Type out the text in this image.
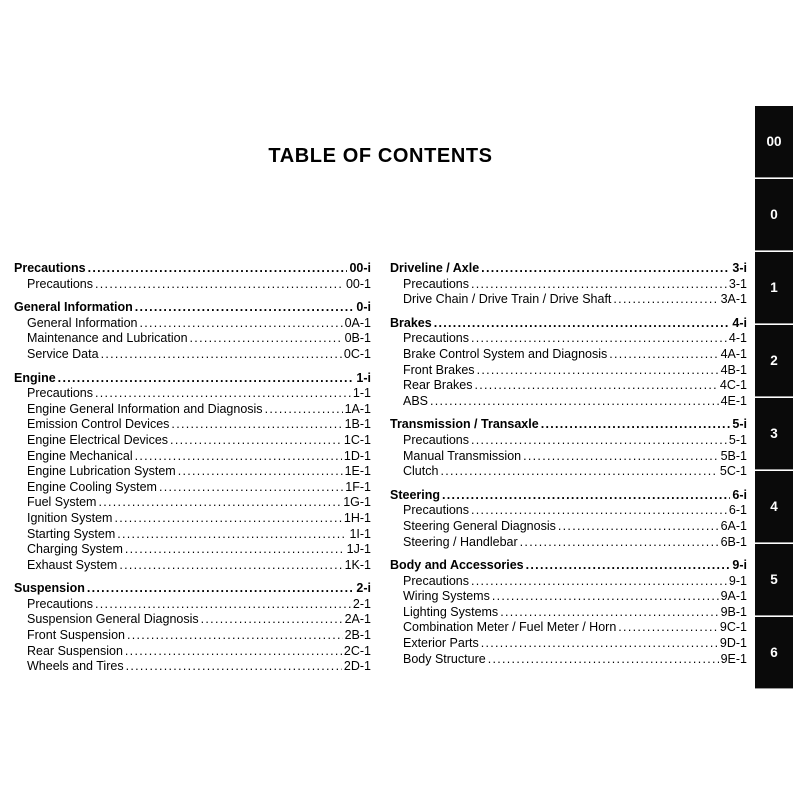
TABLE OF CONTENTS
Precautions .....	00-i
Precautions .....	00-1
General Information .....	0-i
General Information .....	0A-1
Maintenance and Lubrication .....	0B-1
Service Data .....	0C-1
Engine .....	1-i
Precautions .....	1-1
Engine General Information and Diagnosis .....	1A-1
Emission Control Devices .....	1B-1
Engine Electrical Devices .....	1C-1
Engine Mechanical .....	1D-1
Engine Lubrication System .....	1E-1
Engine Cooling System .....	1F-1
Fuel System .....	1G-1
Ignition System .....	1H-1
Starting System .....	1I-1
Charging System .....	1J-1
Exhaust System .....	1K-1
Suspension .....	2-i
Precautions .....	2-1
Suspension General Diagnosis .....	2A-1
Front Suspension .....	2B-1
Rear Suspension .....	2C-1
Wheels and Tires .....	2D-1
Driveline / Axle .....	3-i
Precautions .....	3-1
Drive Chain / Drive Train / Drive Shaft .....	3A-1
Brakes .....	4-i
Precautions .....	4-1
Brake Control System and Diagnosis .....	4A-1
Front Brakes .....	4B-1
Rear Brakes .....	4C-1
ABS .....	4E-1
Transmission / Transaxle .....	5-i
Precautions .....	5-1
Manual Transmission .....	5B-1
Clutch .....	5C-1
Steering .....	6-i
Precautions .....	6-1
Steering General Diagnosis .....	6A-1
Steering / Handlebar .....	6B-1
Body and Accessories .....	9-i
Precautions .....	9-1
Wiring Systems .....	9A-1
Lighting Systems .....	9B-1
Combination Meter / Fuel Meter / Horn .....	9C-1
Exterior Parts .....	9D-1
Body Structure .....	9E-1
00
0
1
2
3
4
5
6
